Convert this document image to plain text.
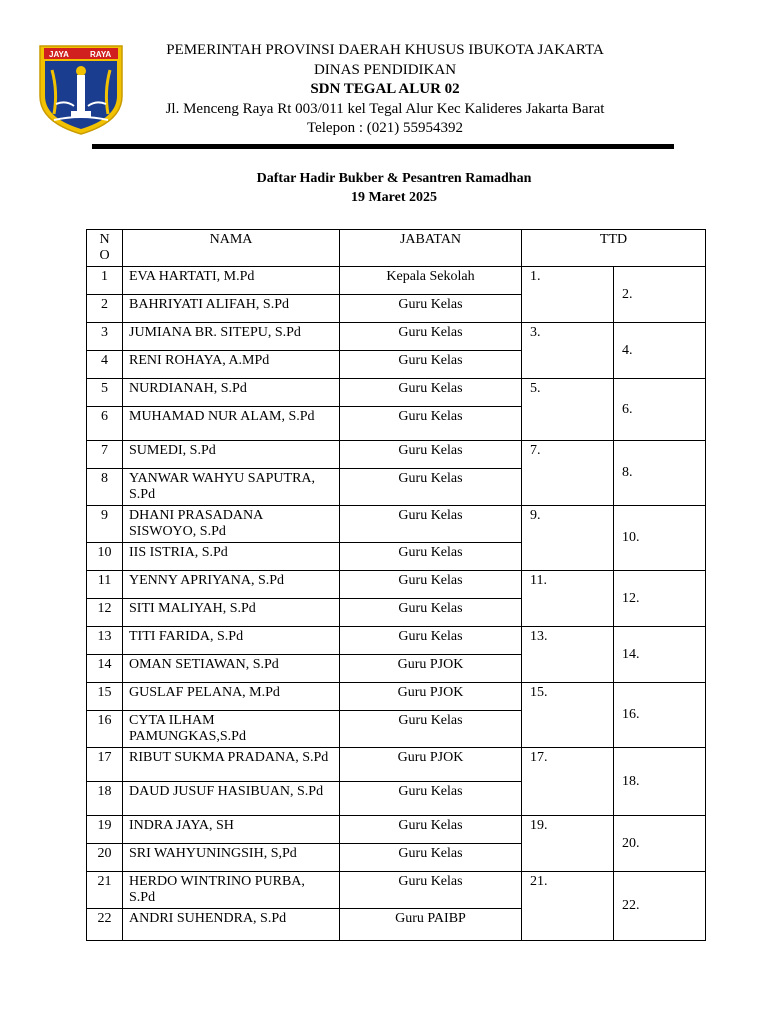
JAYA	RAYA	PEMERINTAH PROVINSI DAERAH KHUSUS IBUKOTA JAKARTA
DINAS PENDIDIKAN
SDN TEGAL ALUR 02
Jl. Menceng Raya Rt 003/011 kel Tegal Alur Kec Kalideres Jakarta Barat
Telepon : (021) 55954392
Daftar Hadir Bukber & Pesantren Ramadhan
19 Maret 2025
N
O	NAMA	JABATAN	TTD	
1	EVA HARTATI, M.Pd	Kepala Sekolah	1.	2.
2	BAHRIYATI ALIFAH, S.Pd	Guru Kelas		
3	JUMIANA BR. SITEPU, S.Pd	Guru Kelas	3.	4.
4	RENI ROHAYA, A.MPd	Guru Kelas		
5	NURDIANAH, S.Pd	Guru Kelas	5.	6.
6	MUHAMAD NUR ALAM, S.Pd	Guru Kelas		
7	SUMEDI, S.Pd	Guru Kelas	7.	8.
8	YANWAR WAHYU SAPUTRA, S.Pd	Guru Kelas		
9	DHANI PRASADANA SISWOYO, S.Pd	Guru Kelas	9.	10.
10	IIS ISTRIA, S.Pd	Guru Kelas		
11	YENNY APRIYANA, S.Pd	Guru Kelas	11.	12.
12	SITI MALIYAH, S.Pd	Guru Kelas		
13	TITI FARIDA, S.Pd	Guru Kelas	13.	14.
14	OMAN SETIAWAN, S.Pd	Guru PJOK		
15	GUSLAF PELANA, M.Pd	Guru PJOK	15.	16.
16	CYTA ILHAM PAMUNGKAS,S.Pd	Guru Kelas		
17	RIBUT SUKMA PRADANA, S.Pd	Guru PJOK	17.	18.
18	DAUD JUSUF HASIBUAN, S.Pd	Guru Kelas		
19	INDRA JAYA, SH	Guru Kelas	19.	20.
20	SRI WAHYUNINGSIH, S,Pd	Guru Kelas		
21	HERDO WINTRINO PURBA, S.Pd	Guru Kelas	21.	22.
22	ANDRI SUHENDRA, S.Pd	Guru PAIBP		
